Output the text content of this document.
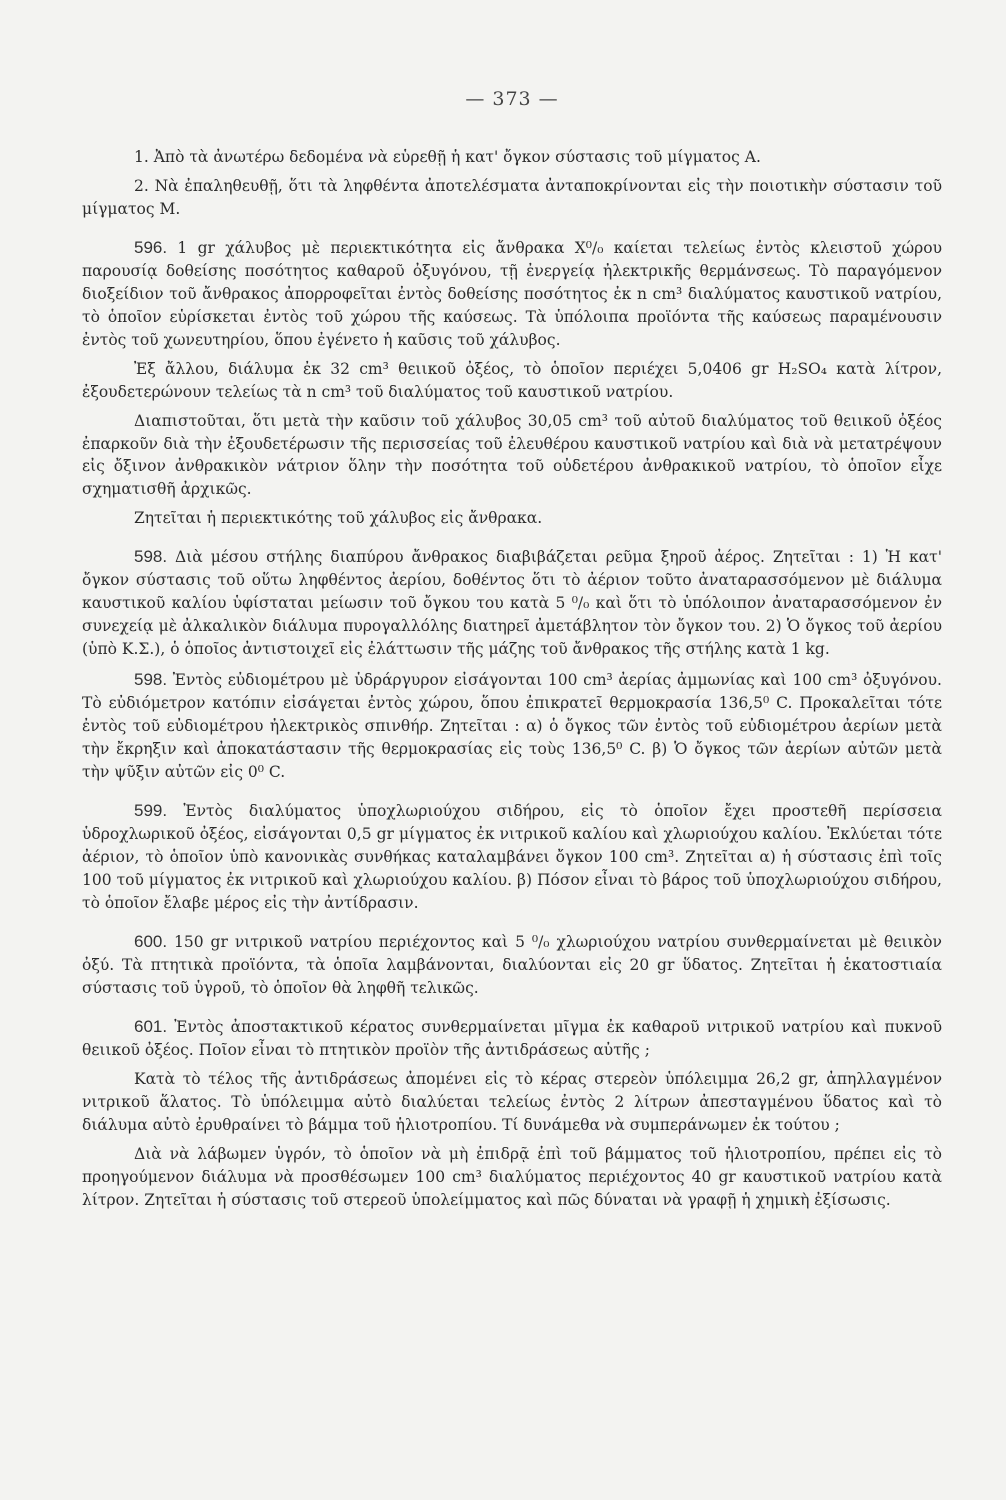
— 373 —

1. Ἀπὸ τὰ ἀνωτέρω δεδομένα νὰ εὑρεθῇ ἡ κατ' ὄγκον σύστασις τοῦ μίγματος Α.

2. Νὰ ἐπαληθευθῇ, ὅτι τὰ ληφθέντα ἀποτελέσματα ἀνταποκρίνονται εἰς τὴν ποιοτικὴν σύστασιν τοῦ μίγματος Μ.

596. 1 gr χάλυβος μὲ περιεκτικότητα εἰς ἄνθρακα X⁰/₀ καίεται τελείως ἐντὸς κλειστοῦ χώρου παρουσίᾳ δοθείσης ποσότητος καθαροῦ ὀξυγόνου, τῇ ἐνεργείᾳ ἠλεκτρικῆς θερμάνσεως. Τὸ παραγόμενον διοξείδιον τοῦ ἄνθρακος ἀπορροφεῖται ἐντὸς δοθείσης ποσότητος ἐκ n cm³ διαλύματος καυστικοῦ νατρίου, τὸ ὁποῖον εὑρίσκεται ἐντὸς τοῦ χώρου τῆς καύσεως. Τὰ ὑπόλοιπα προϊόντα τῆς καύσεως παραμένουσιν ἐντὸς τοῦ χωνευτηρίου, ὅπου ἐγένετο ἡ καῦσις τοῦ χάλυβος.

Ἐξ ἄλλου, διάλυμα ἐκ 32 cm³ θειικοῦ ὀξέος, τὸ ὁποῖον περιέχει 5,0406 gr H₂SO₄ κατὰ λίτρον, ἐξουδετερώνουν τελείως τὰ n cm³ τοῦ διαλύματος τοῦ καυστικοῦ νατρίου.

Διαπιστοῦται, ὅτι μετὰ τὴν καῦσιν τοῦ χάλυβος 30,05 cm³ τοῦ αὐτοῦ διαλύματος τοῦ θειικοῦ ὀξέος ἐπαρκοῦν διὰ τὴν ἐξουδετέρωσιν τῆς περισσείας τοῦ ἐλευθέρου καυστικοῦ νατρίου καὶ διὰ νὰ μετατρέψουν εἰς ὄξινον ἀνθρακικὸν νάτριον ὅλην τὴν ποσότητα τοῦ οὐδετέρου ἀνθρακικοῦ νατρίου, τὸ ὁποῖον εἶχε σχηματισθῆ ἀρχικῶς.

Ζητεῖται ἡ περιεκτικότης τοῦ χάλυβος εἰς ἄνθρακα.

598. Διὰ μέσου στήλης διαπύρου ἄνθρακος διαβιβάζεται ρεῦμα ξηροῦ ἀέρος. Ζητεῖται : 1) Ἡ κατ' ὄγκον σύστασις τοῦ οὕτω ληφθέντος ἀερίου, δοθέντος ὅτι τὸ ἀέριον τοῦτο ἀναταρασσόμενον μὲ διάλυμα καυστικοῦ καλίου ὑφίσταται μείωσιν τοῦ ὄγκου του κατὰ 5 ⁰/₀ καὶ ὅτι τὸ ὑπόλοιπον ἀναταρασσόμενον ἐν συνεχείᾳ μὲ ἀλκαλικὸν διάλυμα πυρογαλλόλης διατηρεῖ ἀμετάβλητον τὸν ὄγκον του. 2) Ὁ ὄγκος τοῦ ἀερίου (ὑπὸ Κ.Σ.), ὁ ὁποῖος ἀντιστοιχεῖ εἰς ἐλάττωσιν τῆς μάζης τοῦ ἄνθρακος τῆς στήλης κατὰ 1 kg.

598. Ἐντὸς εὐδιομέτρου μὲ ὑδράργυρον εἰσάγονται 100 cm³ ἀερίας ἀμμωνίας καὶ 100 cm³ ὀξυγόνου. Τὸ εὐδιόμετρον κατόπιν εἰσάγεται ἐντὸς χώρου, ὅπου ἐπικρατεῖ θερμοκρασία 136,5⁰ C. Προκαλεῖται τότε ἐντὸς τοῦ εὐδιομέτρου ἠλεκτρικὸς σπινθήρ. Ζητεῖται : α) ὁ ὄγκος τῶν ἐντὸς τοῦ εὐδιομέτρου ἀερίων μετὰ τὴν ἔκρηξιν καὶ ἀποκατάστασιν τῆς θερμοκρασίας εἰς τοὺς 136,5⁰ C. β) Ὁ ὄγκος τῶν ἀερίων αὐτῶν μετὰ τὴν ψῦξιν αὐτῶν εἰς 0⁰ C.

599. Ἐντὸς διαλύματος ὑποχλωριούχου σιδήρου, εἰς τὸ ὁποῖον ἔχει προστεθῆ περίσσεια ὑδροχλωρικοῦ ὀξέος, εἰσάγονται 0,5 gr μίγματος ἐκ νιτρικοῦ καλίου καὶ χλωριούχου καλίου. Ἐκλύεται τότε ἀέριον, τὸ ὁποῖον ὑπὸ κανονικὰς συνθήκας καταλαμβάνει ὄγκον 100 cm³. Ζητεῖται α) ἡ σύστασις ἐπὶ τοῖς 100 τοῦ μίγματος ἐκ νιτρικοῦ καὶ χλωριούχου καλίου. β) Πόσον εἶναι τὸ βάρος τοῦ ὑποχλωριούχου σιδήρου, τὸ ὁποῖον ἔλαβε μέρος εἰς τὴν ἀντίδρασιν.

600. 150 gr νιτρικοῦ νατρίου περιέχοντος καὶ 5 ⁰/₀ χλωριούχου νατρίου συνθερμαίνεται μὲ θειικὸν ὀξύ. Τὰ πτητικὰ προϊόντα, τὰ ὁποῖα λαμβάνονται, διαλύονται εἰς 20 gr ὕδατος. Ζητεῖται ἡ ἑκατοστιαία σύστασις τοῦ ὑγροῦ, τὸ ὁποῖον θὰ ληφθῆ τελικῶς.

601. Ἐντὸς ἀποστακτικοῦ κέρατος συνθερμαίνεται μῖγμα ἐκ καθαροῦ νιτρικοῦ νατρίου καὶ πυκνοῦ θειικοῦ ὀξέος. Ποῖον εἶναι τὸ πτητικὸν προϊὸν τῆς ἀντιδράσεως αὐτῆς ;

Κατὰ τὸ τέλος τῆς ἀντιδράσεως ἀπομένει εἰς τὸ κέρας στερεὸν ὑπόλειμμα 26,2 gr, ἀπηλλαγμένον νιτρικοῦ ἅλατος. Τὸ ὑπόλειμμα αὐτὸ διαλύεται τελείως ἐντὸς 2 λίτρων ἀπεσταγμένου ὕδατος καὶ τὸ διάλυμα αὐτὸ ἐρυθραίνει τὸ βάμμα τοῦ ἡλιοτροπίου. Τί δυνάμεθα νὰ συμπεράνωμεν ἐκ τούτου ;

Διὰ νὰ λάβωμεν ὑγρόν, τὸ ὁποῖον νὰ μὴ ἐπιδρᾷ ἐπὶ τοῦ βάμματος τοῦ ἡλιοτροπίου, πρέπει εἰς τὸ προηγούμενον διάλυμα νὰ προσθέσωμεν 100 cm³ διαλύματος περιέχοντος 40 gr καυστικοῦ νατρίου κατὰ λίτρον. Ζητεῖται ἡ σύστασις τοῦ στερεοῦ ὑπολείμματος καὶ πῶς δύναται νὰ γραφῇ ἡ χημικὴ ἐξίσωσις.
